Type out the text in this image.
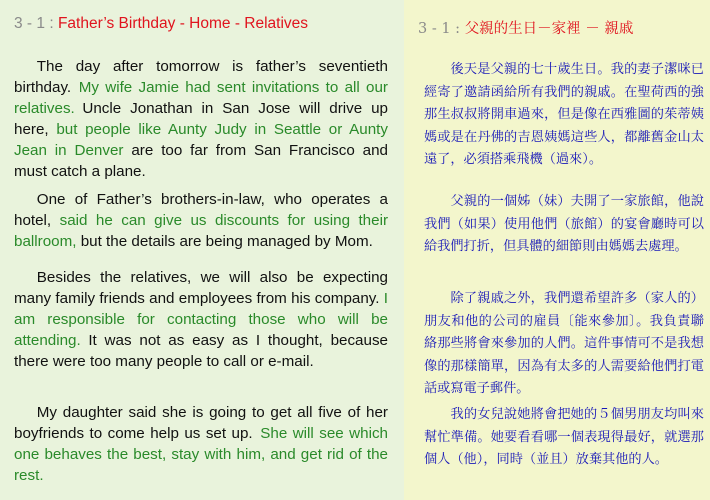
3 - 1 : Father’s Birthday - Home - Relatives

  The day after tomorrow is father’s seventieth birthday.  My wife Jamie had sent invitations to all our relatives.  Uncle Jonathan in San Jose will drive up here, but people like Aunty Judy in Seattle or Aunty Jean in Denver are too far from San Francisco and must catch a plane.

  One of Father’s brothers-in-law, who operates a hotel, said he can give us discounts for using their ballroom, but the details are being managed by Mom.

  Besides the relatives, we will also be expecting many family friends and employees from his company. I am responsible for contacting those who will be attending.  It was not as easy as I thought, because there were too many people to call or e-mail.

  My daughter said she is going to get all five of her boyfriends to come help us set up.  She will see which one behaves the best, stay with him, and get rid of the rest.

3 - 1 : 父親的生日－家裡 － 親戚

  後天是父親的七十歲生日。我的妻子潔咪已經寄了邀請函給所有我們的親戚。在聖荷西的強那生叔叔將開車過來，但是像在西雅圖的茱蒂姨媽或是在丹佛的吉恩姨媽這些人，都離舊金山太遠了，必須搭乘飛機（過來）。

  父親的一個姊（妹）夫開了一家旅館，他說我們（如果）使用他們（旅館）的宴會廳時可以給我們打折，但具體的細節則由媽媽去處理。

  除了親戚之外，我們還希望許多（家人的）朋友和他的公司的雇員〔能來參加〕。我負責聯絡那些將會來參加的人們。這件事情可不是我想像的那樣簡單，因為有太多的人需要給他們打電話或寫電子郵件。

  我的女兒說她將會把她的５個男朋友均叫來幫忙準備。她要看看哪一個表現得最好，就選那個人（他），同時（並且）放棄其他的人。
